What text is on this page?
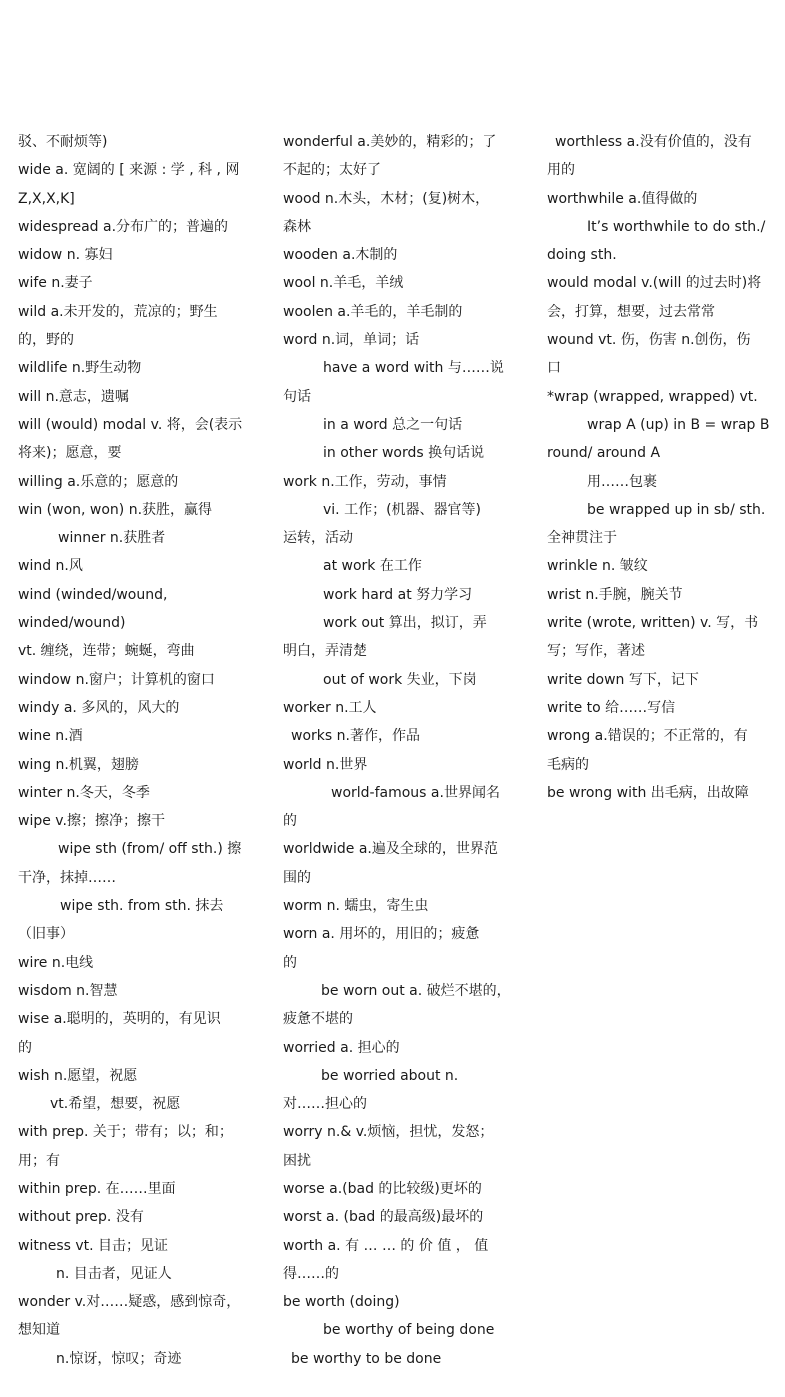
驳、不耐烦等)
wide a. 宽阔的 [ 来源 : 学 , 科 , 网
Z,X,X,K]
widespread a.分布广的；普遍的
widow n. 寡妇
wife n.妻子
wild a.未开发的，荒凉的；野生
的，野的
wildlife n.野生动物
will n.意志，遗嘱
will (would) modal v. 将，会(表示
将来)；愿意，要
willing a.乐意的；愿意的
win (won, won) n.获胜，赢得
winner n.获胜者
wind n.风
wind (winded/wound,
winded/wound)
vt. 缠绕，连带；蜿蜒，弯曲
window n.窗户；计算机的窗口
windy a. 多风的，风大的
wine n.酒
wing n.机翼，翅膀
winter n.冬天，冬季
wipe v.擦；擦净；擦干
wipe sth (from/ off sth.) 擦
干净，抹掉……
wipe sth. from sth. 抹去
（旧事）
wire n.电线
wisdom n.智慧
wise a.聪明的，英明的，有见识
的
wish n.愿望，祝愿
vt.希望，想要，祝愿
with prep. 关于；带有；以；和；
用；有
within prep. 在……里面
without prep. 没有
witness vt. 目击；见证
n. 目击者，见证人
wonder v.对……疑惑，感到惊奇，
想知道
n.惊讶，惊叹；奇迹
wonderful a.美妙的，精彩的；了
不起的；太好了
wood n.木头，木材；(复)树木，
森林
wooden a.木制的
wool n.羊毛，羊绒
woolen a.羊毛的，羊毛制的
word n.词，单词；话
have a word with 与……说
句话
in a word 总之一句话
in other words 换句话说
work n.工作，劳动，事情
vi. 工作；(机器、器官等)
运转，活动
at work 在工作
work hard at 努力学习
work out 算出，拟订，弄
明白，弄清楚
out of work 失业，下岗
worker n.工人
works n.著作，作品
world n.世界
world-famous a.世界闻名
的
worldwide a.遍及全球的，世界范
围的
worm n. 蠕虫，寄生虫
worn a. 用坏的，用旧的；疲惫
的
be worn out a. 破烂不堪的，
疲惫不堪的
worried a. 担心的
be worried about n.
对……担心的
worry n.& v.烦恼，担忧，发怒；
困扰
worse a.(bad 的比较级)更坏的
worst a. (bad 的最高级)最坏的
worth a. 有 … … 的 价 值 ， 值
得……的
be worth (doing)
be worthy of being done
be worthy to be done
worthless a.没有价值的，没有
用的
worthwhile a.值得做的
It’s worthwhile to do sth./
doing sth.
would modal v.(will 的过去时)将
会，打算，想要，过去常常
wound vt. 伤，伤害 n.创伤，伤
口
*wrap (wrapped, wrapped) vt.
wrap A (up) in B = wrap B
round/ around A
用……包裹
be wrapped up in sb/ sth.
全神贯注于
wrinkle n. 皱纹
wrist n.手腕，腕关节
write (wrote, written) v. 写，书
写；写作，著述
write down 写下，记下
write to 给……写信
wrong a.错误的；不正常的，有
毛病的
be wrong with 出毛病，出故障
